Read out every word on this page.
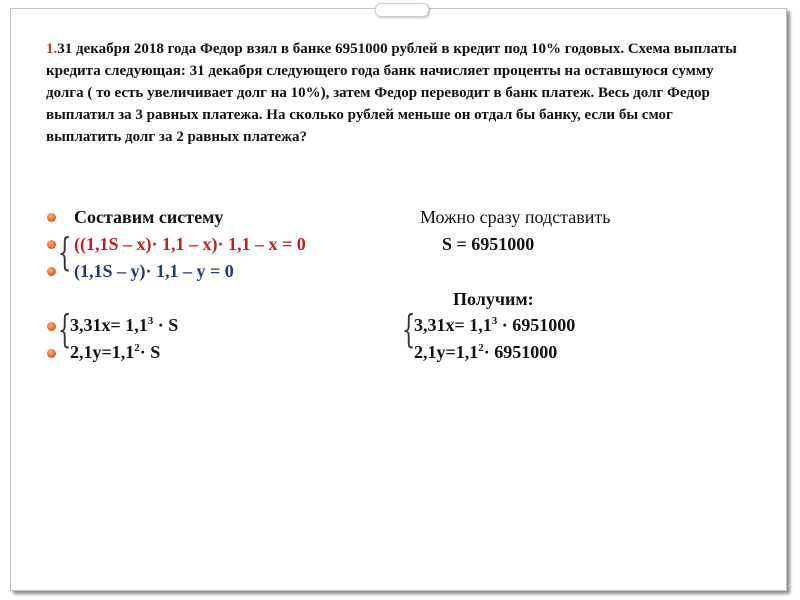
1.31 декабря 2018 года Федор взял в банке 6951000 рублей в кредит под 10% годовых. Схема выплаты кредита следующая: 31 декабря следующего года банк начисляет проценты на оставшуюся сумму долга ( то есть увеличивает долг на 10%), затем Федор переводит в банк платеж. Весь долг Федор выплатил за 3 равных платежа. На сколько рублей меньше он отдал бы банку, если бы смог выплатить долг за 2 равных платежа?
Составим систему	Можно сразу подставить
{ ((1,1S – x)· 1,1 – x)· 1,1 – x = 0	S = 6951000
(1,1S – y)· 1,1 – y = 0
Получим:
{	{
$3,31x= 1,1^3 \cdot S$	$3,31x= 1,1^3 \cdot 6951000$
$2,1y=1,1^2\cdot S$	$2,1y=1,1^2\cdot 6951000$
